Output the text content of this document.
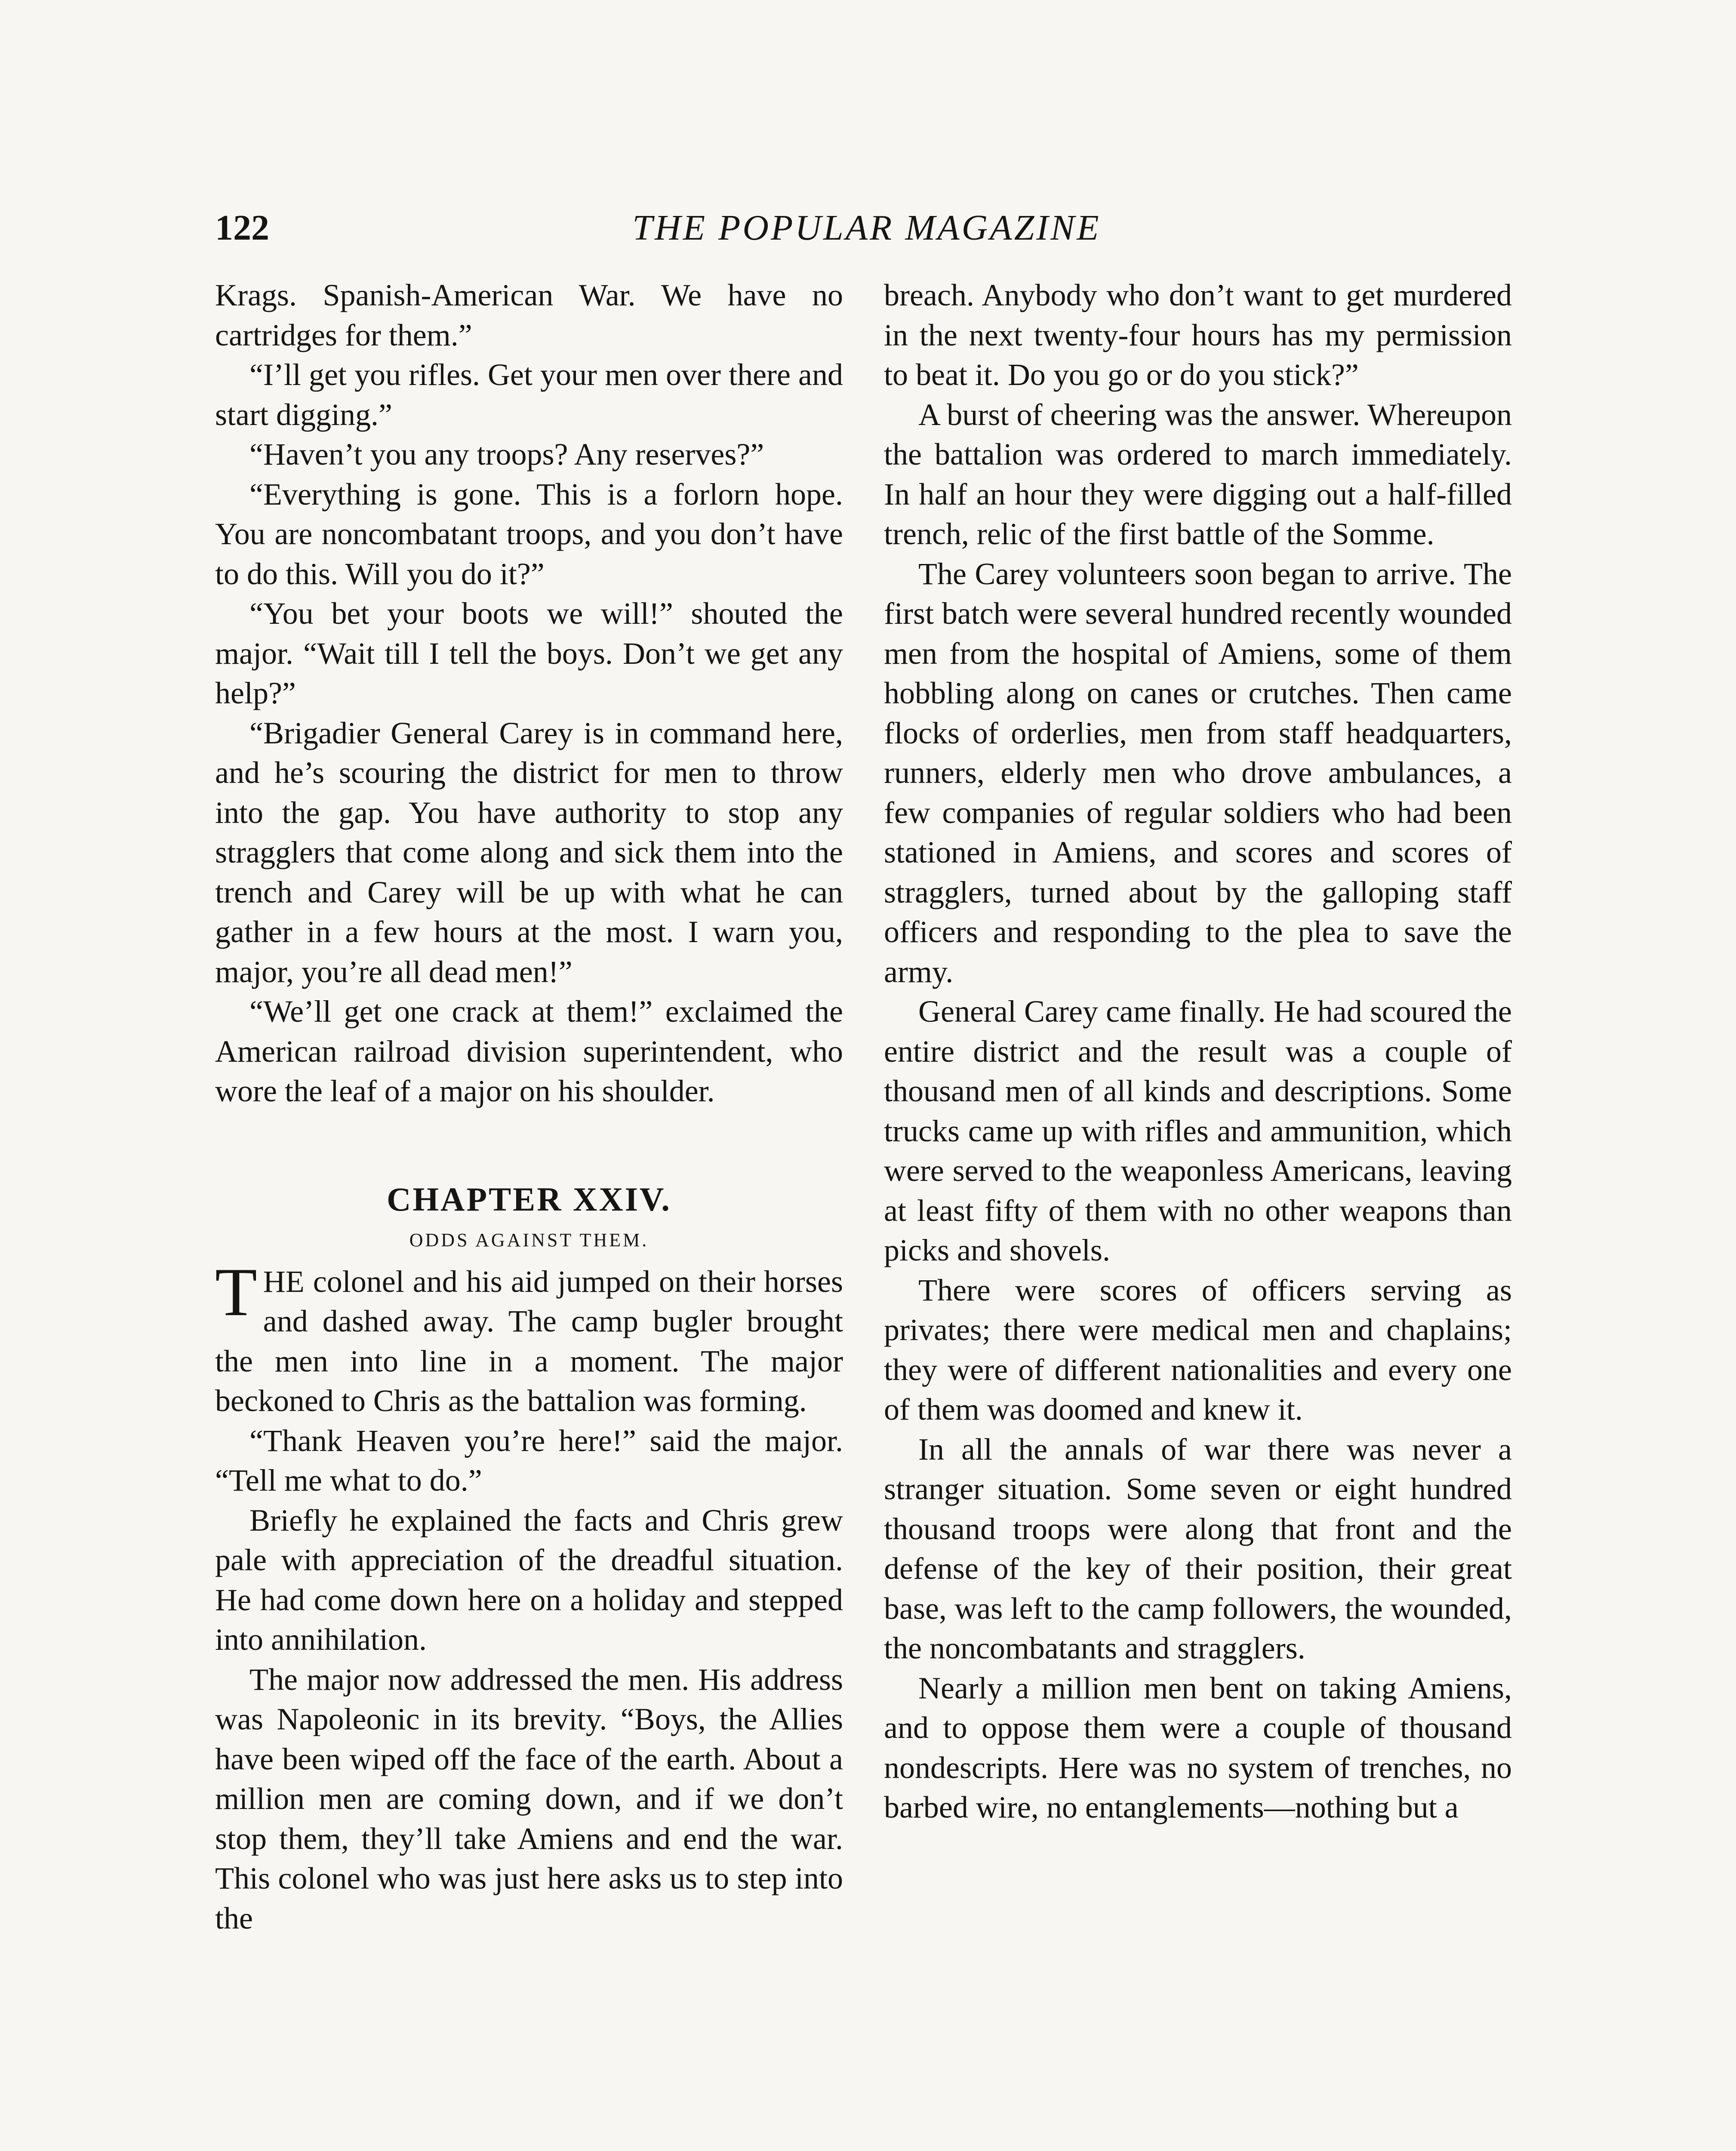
122	THE POPULAR MAGAZINE

Krags. Spanish-American War. We have no cartridges for them.”

“I’ll get you rifles. Get your men over there and start digging.”

“Haven’t you any troops? Any reserves?”

“Everything is gone. This is a forlorn hope. You are noncombatant troops, and you don’t have to do this. Will you do it?”

“You bet your boots we will!” shouted the major. “Wait till I tell the boys. Don’t we get any help?”

“Brigadier General Carey is in command here, and he’s scouring the district for men to throw into the gap. You have authority to stop any stragglers that come along and sick them into the trench and Carey will be up with what he can gather in a few hours at the most. I warn you, major, you’re all dead men!”

“We’ll get one crack at them!” exclaimed the American railroad division superintendent, who wore the leaf of a major on his shoulder.

CHAPTER XXIV.
ODDS AGAINST THEM.

THE colonel and his aid jumped on their horses and dashed away. The camp bugler brought the men into line in a moment. The major beckoned to Chris as the battalion was forming.

“Thank Heaven you’re here!” said the major. “Tell me what to do.”

Briefly he explained the facts and Chris grew pale with appreciation of the dreadful situation. He had come down here on a holiday and stepped into annihilation.

The major now addressed the men. His address was Napoleonic in its brevity. “Boys, the Allies have been wiped off the face of the earth. About a million men are coming down, and if we don’t stop them, they’ll take Amiens and end the war. This colonel who was just here asks us to step into the

breach. Anybody who don’t want to get murdered in the next twenty-four hours has my permission to beat it. Do you go or do you stick?”

A burst of cheering was the answer. Whereupon the battalion was ordered to march immediately. In half an hour they were digging out a half-filled trench, relic of the first battle of the Somme.

The Carey volunteers soon began to arrive. The first batch were several hundred recently wounded men from the hospital of Amiens, some of them hobbling along on canes or crutches. Then came flocks of orderlies, men from staff headquarters, runners, elderly men who drove ambulances, a few companies of regular soldiers who had been stationed in Amiens, and scores and scores of stragglers, turned about by the galloping staff officers and responding to the plea to save the army.

General Carey came finally. He had scoured the entire district and the result was a couple of thousand men of all kinds and descriptions. Some trucks came up with rifles and ammunition, which were served to the weaponless Americans, leaving at least fifty of them with no other weapons than picks and shovels.

There were scores of officers serving as privates; there were medical men and chaplains; they were of different nationalities and every one of them was doomed and knew it.

In all the annals of war there was never a stranger situation. Some seven or eight hundred thousand troops were along that front and the defense of the key of their position, their great base, was left to the camp followers, the wounded, the noncombatants and stragglers.

Nearly a million men bent on taking Amiens, and to oppose them were a couple of thousand nondescripts. Here was no system of trenches, no barbed wire, no entanglements—nothing but a
